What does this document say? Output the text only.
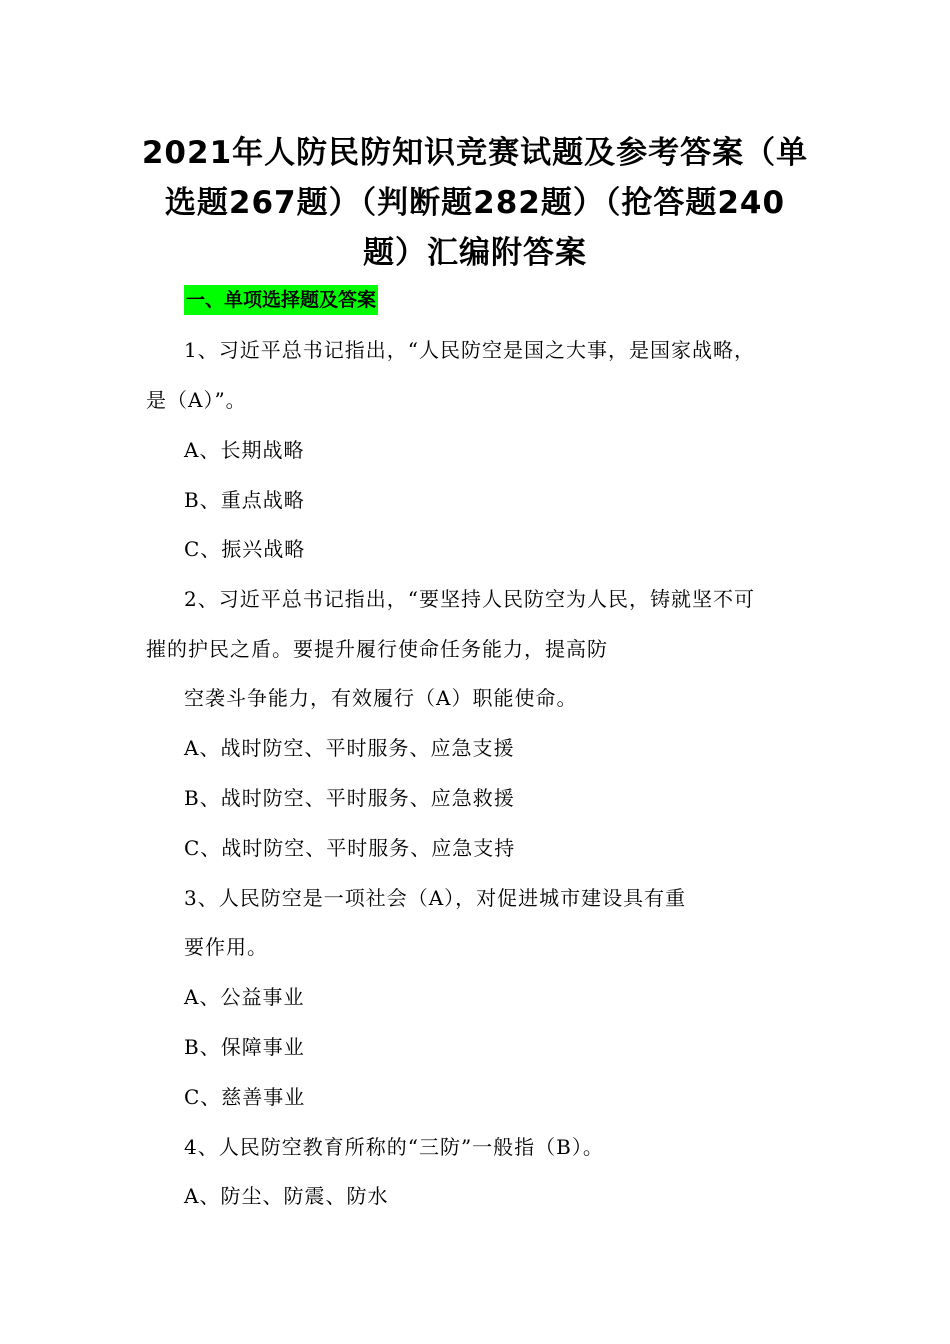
2021年人防民防知识竞赛试题及参考答案（单
选题267题）（判断题282题）（抢答题240
题）汇编附答案
一、单项选择题及答案
1、习近平总书记指出，“人民防空是国之大事，是国家战略，
是（A）”。
A、长期战略
B、重点战略
C、振兴战略
2、习近平总书记指出，“要坚持人民防空为人民，铸就坚不可
摧的护民之盾。要提升履行使命任务能力，提高防
空袭斗争能力，有效履行（A）职能使命。
A、战时防空、平时服务、应急支援
B、战时防空、平时服务、应急救援
C、战时防空、平时服务、应急支持
3、人民防空是一项社会（A），对促进城市建设具有重
要作用。
A、公益事业
B、保障事业
C、慈善事业
4、人民防空教育所称的“三防”一般指（B）。
A、防尘、防震、防水
